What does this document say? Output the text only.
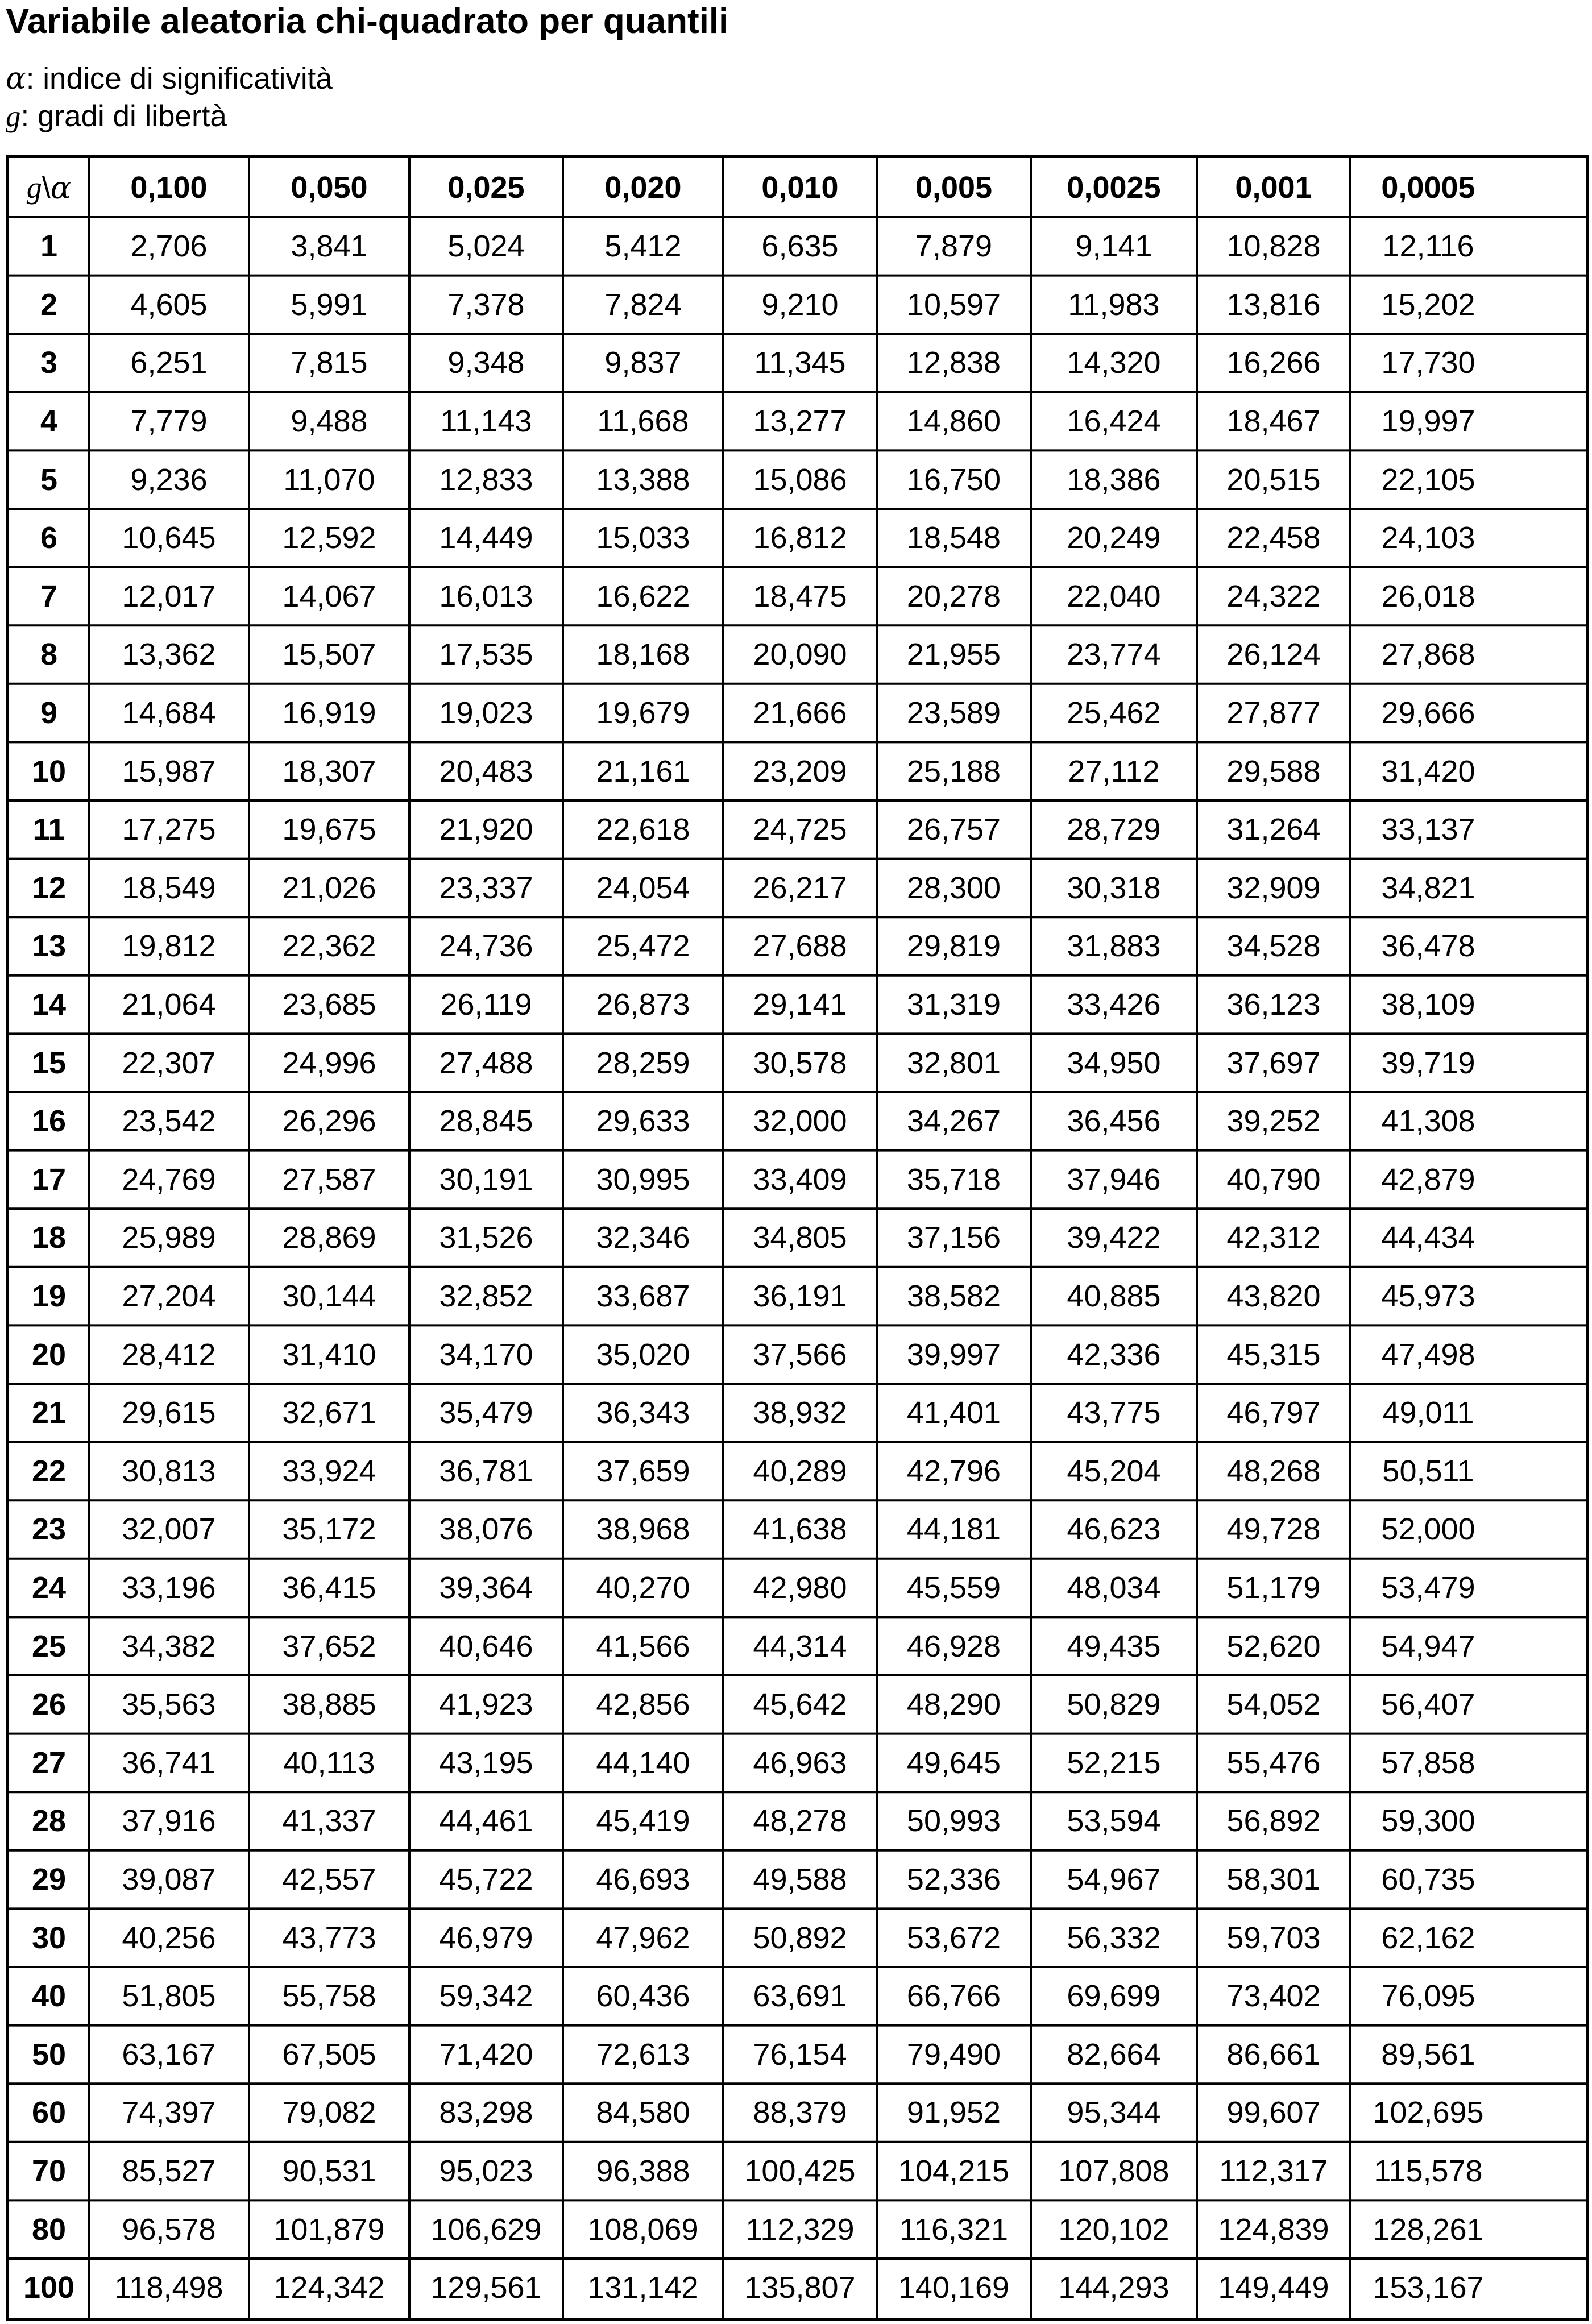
Variabile aleatoria chi-quadrato per quantili
α: indice di significatività
g: gradi di libertà
g \ α	0,100	0,050	0,025	0,020	0,010	0,005	0,0025	0,001	0,0005
1	2,706	3,841	5,024	5,412	6,635	7,879	9,141	10,828	12,116
2	4,605	5,991	7,378	7,824	9,210	10,597	11,983	13,816	15,202
3	6,251	7,815	9,348	9,837	11,345	12,838	14,320	16,266	17,730
4	7,779	9,488	11,143	11,668	13,277	14,860	16,424	18,467	19,997
5	9,236	11,070	12,833	13,388	15,086	16,750	18,386	20,515	22,105
6	10,645	12,592	14,449	15,033	16,812	18,548	20,249	22,458	24,103
7	12,017	14,067	16,013	16,622	18,475	20,278	22,040	24,322	26,018
8	13,362	15,507	17,535	18,168	20,090	21,955	23,774	26,124	27,868
9	14,684	16,919	19,023	19,679	21,666	23,589	25,462	27,877	29,666
10	15,987	18,307	20,483	21,161	23,209	25,188	27,112	29,588	31,420
11	17,275	19,675	21,920	22,618	24,725	26,757	28,729	31,264	33,137
12	18,549	21,026	23,337	24,054	26,217	28,300	30,318	32,909	34,821
13	19,812	22,362	24,736	25,472	27,688	29,819	31,883	34,528	36,478
14	21,064	23,685	26,119	26,873	29,141	31,319	33,426	36,123	38,109
15	22,307	24,996	27,488	28,259	30,578	32,801	34,950	37,697	39,719
16	23,542	26,296	28,845	29,633	32,000	34,267	36,456	39,252	41,308
17	24,769	27,587	30,191	30,995	33,409	35,718	37,946	40,790	42,879
18	25,989	28,869	31,526	32,346	34,805	37,156	39,422	42,312	44,434
19	27,204	30,144	32,852	33,687	36,191	38,582	40,885	43,820	45,973
20	28,412	31,410	34,170	35,020	37,566	39,997	42,336	45,315	47,498
21	29,615	32,671	35,479	36,343	38,932	41,401	43,775	46,797	49,011
22	30,813	33,924	36,781	37,659	40,289	42,796	45,204	48,268	50,511
23	32,007	35,172	38,076	38,968	41,638	44,181	46,623	49,728	52,000
24	33,196	36,415	39,364	40,270	42,980	45,559	48,034	51,179	53,479
25	34,382	37,652	40,646	41,566	44,314	46,928	49,435	52,620	54,947
26	35,563	38,885	41,923	42,856	45,642	48,290	50,829	54,052	56,407
27	36,741	40,113	43,195	44,140	46,963	49,645	52,215	55,476	57,858
28	37,916	41,337	44,461	45,419	48,278	50,993	53,594	56,892	59,300
29	39,087	42,557	45,722	46,693	49,588	52,336	54,967	58,301	60,735
30	40,256	43,773	46,979	47,962	50,892	53,672	56,332	59,703	62,162
40	51,805	55,758	59,342	60,436	63,691	66,766	69,699	73,402	76,095
50	63,167	67,505	71,420	72,613	76,154	79,490	82,664	86,661	89,561
60	74,397	79,082	83,298	84,580	88,379	91,952	95,344	99,607	102,695
70	85,527	90,531	95,023	96,388	100,425	104,215	107,808	112,317	115,578
80	96,578	101,879	106,629	108,069	112,329	116,321	120,102	124,839	128,261
100	118,498	124,342	129,561	131,142	135,807	140,169	144,293	149,449	153,167
